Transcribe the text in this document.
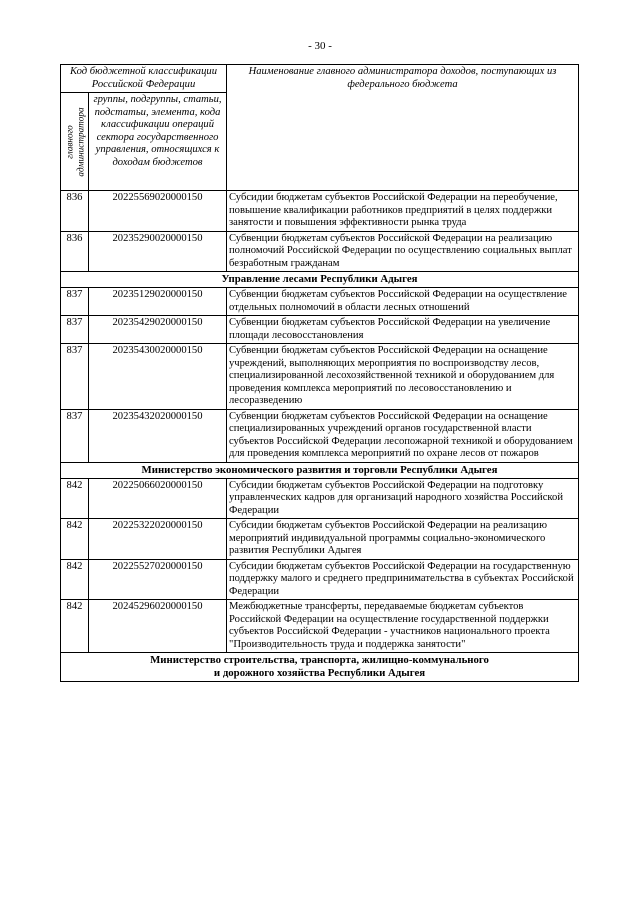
- 30 -
Код бюджетной классификации Российской Федерации		Наименование главного администратора доходов, поступающих из федерального бюджета

главного администратора	группы, подгруппы, статьи, подстатьи, элемента, кода классификации операций сектора государственного управления, относящихся к доходам бюджетов	
836	20225569020000150	Субсидии бюджетам субъектов Российской Федерации на переобучение, повышение квалификации работников предприятий в целях поддержки занятости и повышения эффективности рынка труда
836	20235290020000150	Субвенции бюджетам субъектов Российской Федерации на реализацию полномочий Российской Федерации по осуществлению социальных выплат безработным гражданам
Управление лесами Республики Адыгея		
837	20235129020000150	Субвенции бюджетам субъектов Российской Федерации на осуществление отдельных полномочий в области лесных отношений
837	20235429020000150	Субвенции бюджетам субъектов Российской Федерации на увеличение площади лесовосстановления
837	20235430020000150	Субвенции бюджетам субъектов Российской Федерации на оснащение учреждений, выполняющих мероприятия по воспроизводству лесов, специализированной лесохозяйственной техникой и оборудованием для проведения комплекса мероприятий по лесовосстановлению и лесоразведению
837	20235432020000150	Субвенции бюджетам субъектов Российской Федерации на оснащение специализированных учреждений органов государственной власти субъектов Российской Федерации лесопожарной техникой и оборудованием для проведения комплекса мероприятий по охране лесов от пожаров
Министерство экономического развития и торговли Республики Адыгея		
842	20225066020000150	Субсидии бюджетам субъектов Российской Федерации на подготовку управленческих кадров для организаций народного хозяйства Российской Федерации
842	20225322020000150	Субсидии бюджетам субъектов Российской Федерации на реализацию мероприятий индивидуальной программы социально-экономического развития Республики Адыгея
842	20225527020000150	Субсидии бюджетам субъектов Российской Федерации на государственную поддержку малого и среднего предпринимательства в субъектах Российской Федерации
842	20245296020000150	Межбюджетные трансферты, передаваемые бюджетам субъектов Российской Федерации на осуществление государственной поддержки субъектов Российской Федерации - участников национального проекта "Производительность труда и поддержка занятости"
Министерство строительства, транспорта, жилищно-коммунального
и дорожного хозяйства Республики Адыгея		
